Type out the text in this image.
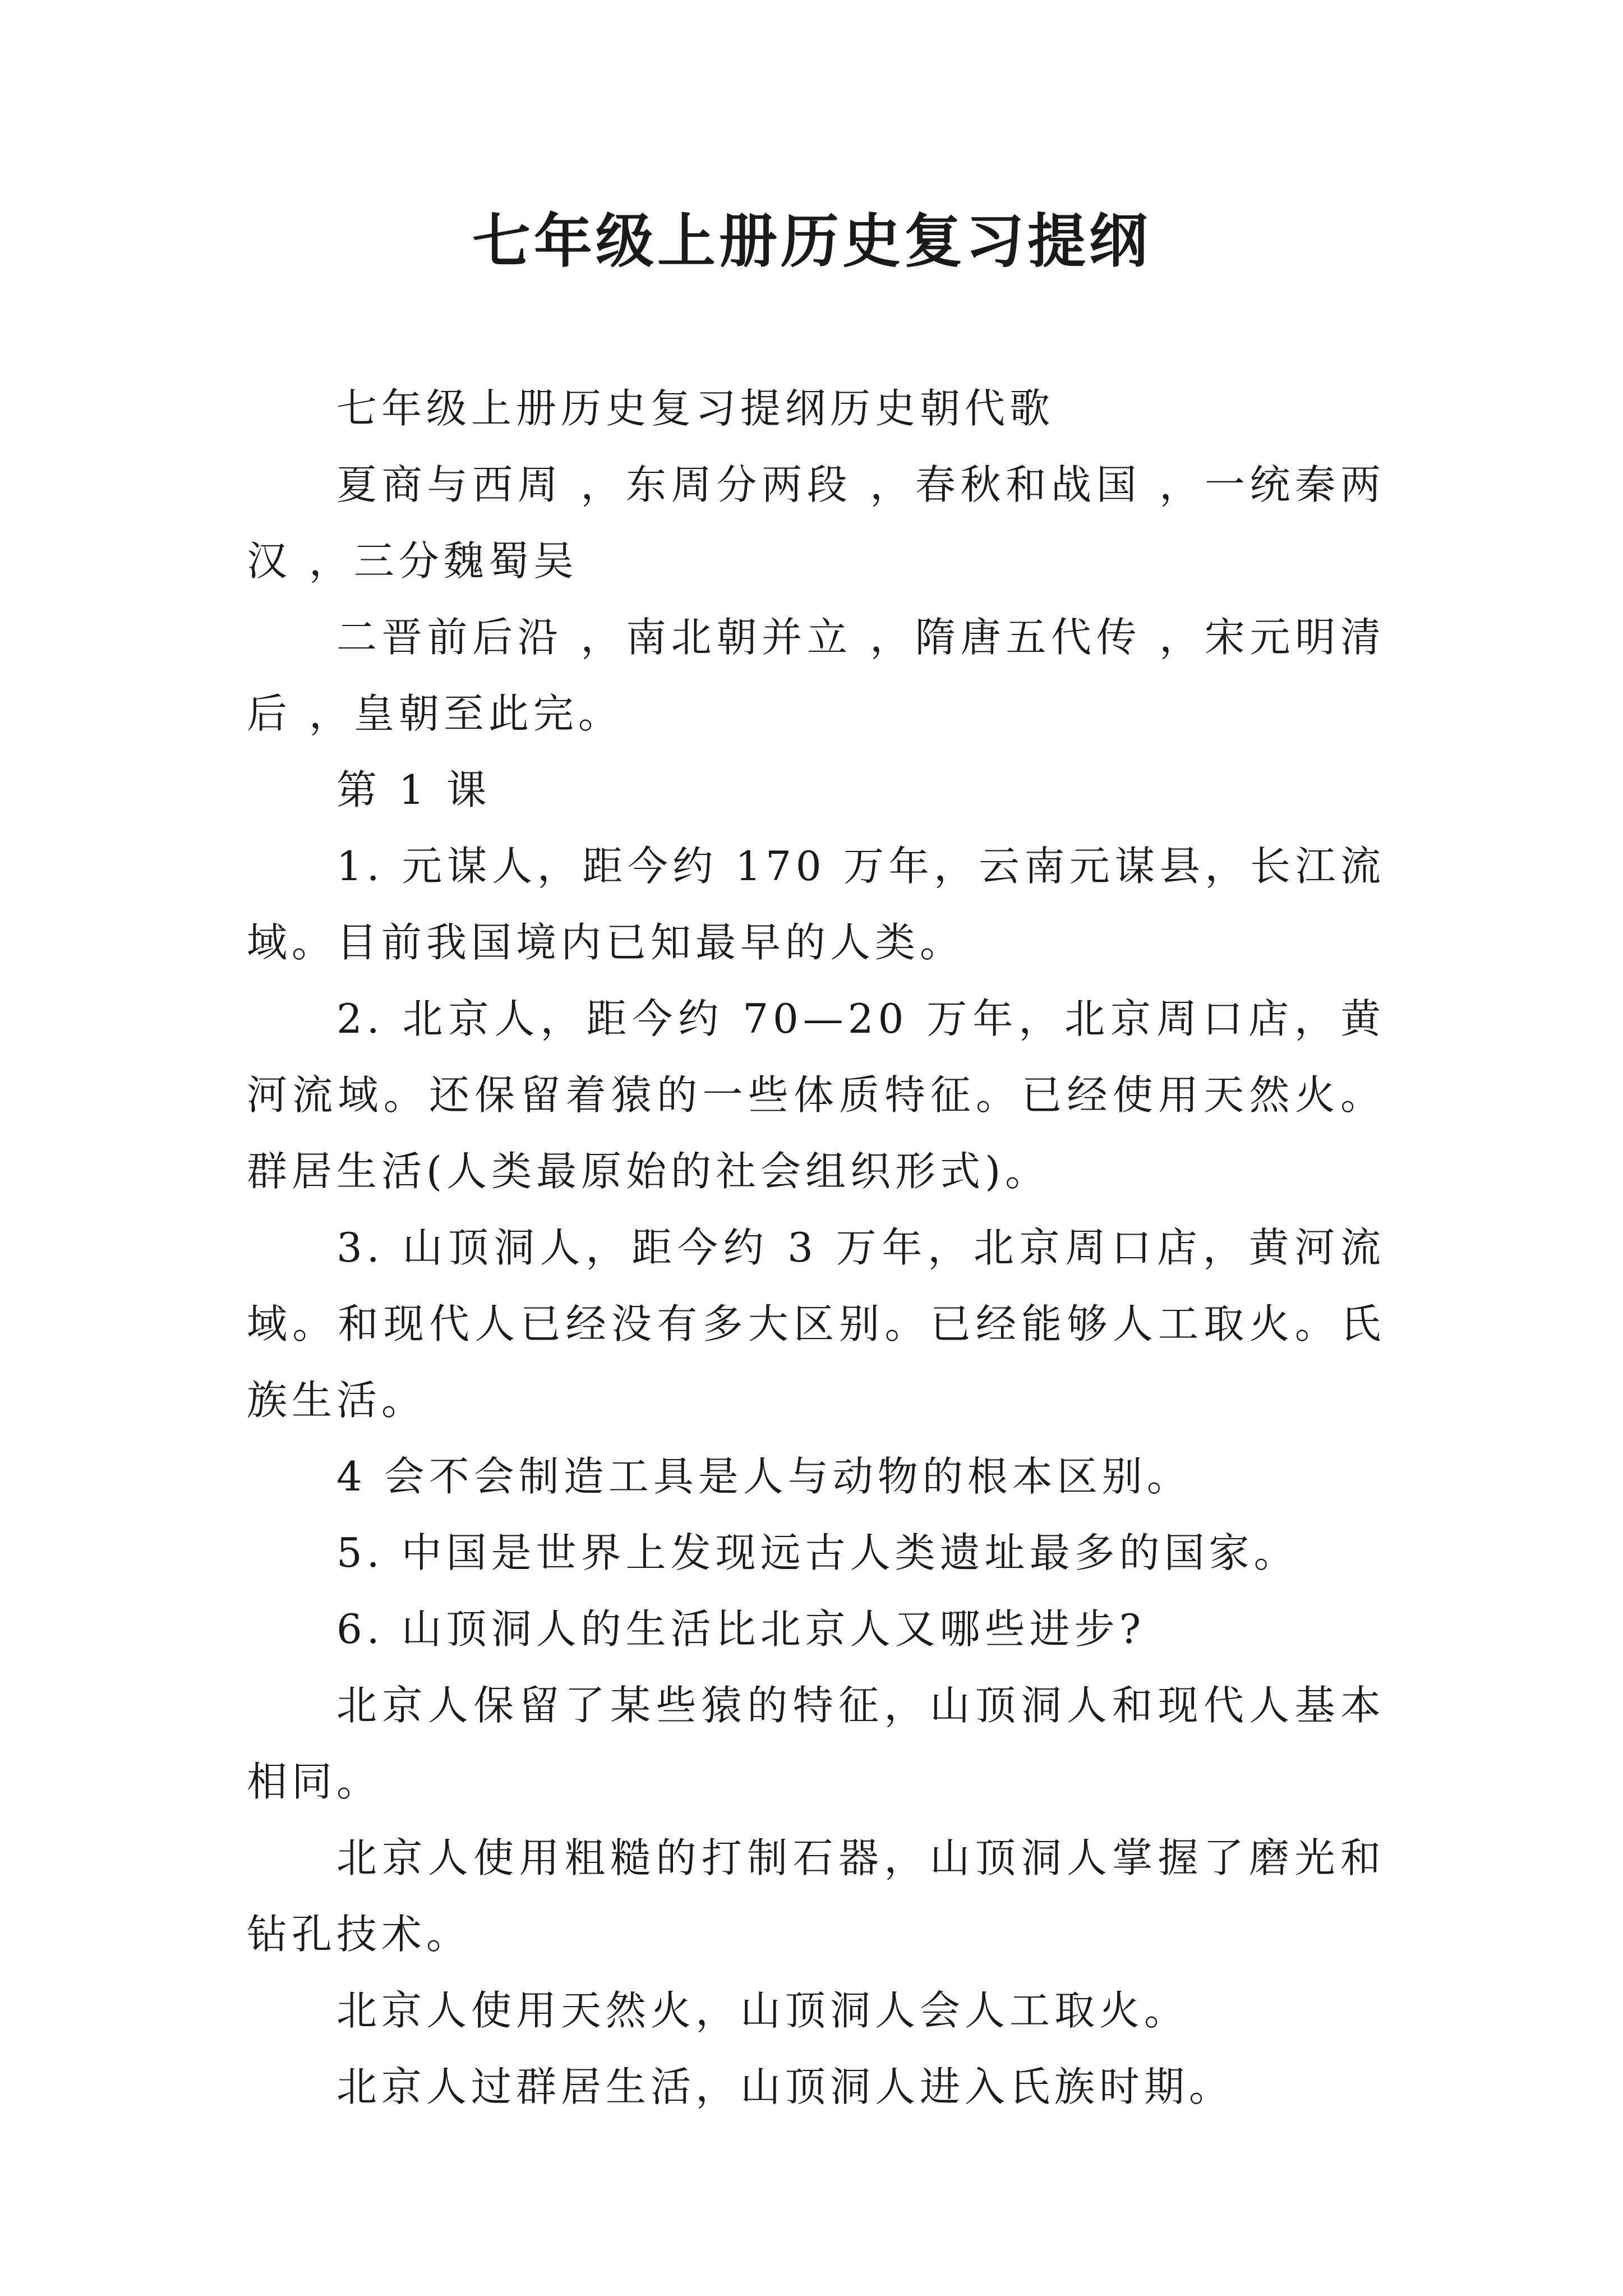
七年级上册历史复习提纲

七年级上册历史复习提纲历史朝代歌

夏商与西周 ，东周分两段 ，春秋和战国 ，一统秦两汉 ，三分魏蜀吴

二晋前后沿 ，南北朝并立 ，隋唐五代传 ，宋元明清后 ，皇朝至此完。

第 1 课

1. 元谋人，距今约 170 万年，云南元谋县，长江流域。目前我国境内已知最早的人类。

2. 北京人，距今约 70—20 万年，北京周口店，黄河流域。还保留着猿的一些体质特征。已经使用天然火。群居生活(人类最原始的社会组织形式)。

3. 山顶洞人，距今约 3 万年，北京周口店，黄河流域。和现代人已经没有多大区别。已经能够人工取火。氏族生活。

4 会不会制造工具是人与动物的根本区别。

5. 中国是世界上发现远古人类遗址最多的国家。

6. 山顶洞人的生活比北京人又哪些进步?

北京人保留了某些猿的特征，山顶洞人和现代人基本相同。

北京人使用粗糙的打制石器，山顶洞人掌握了磨光和钻孔技术。

北京人使用天然火，山顶洞人会人工取火。

北京人过群居生活，山顶洞人进入氏族时期。
